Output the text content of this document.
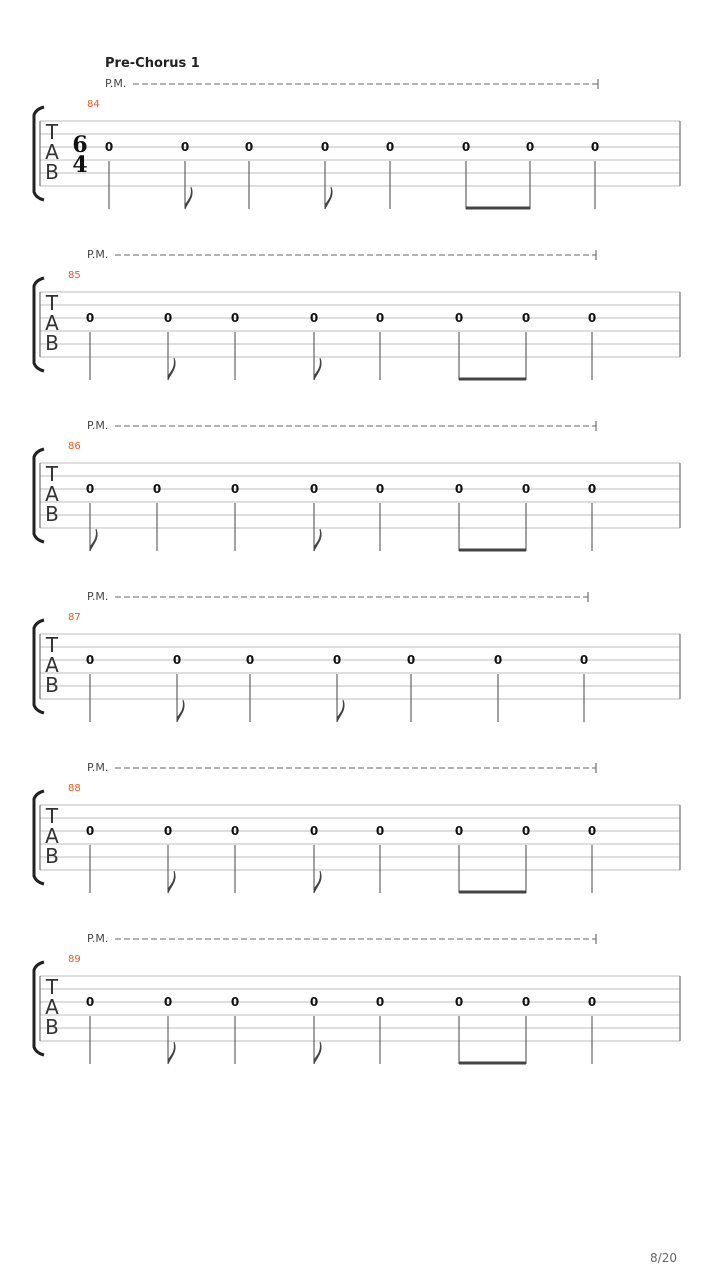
Pre-Chorus 1
P.M.
84
T
A
B
6
4
0	0	0	0	0	0	0	0
P.M.
85
T
A
B
0	0	0	0	0	0	0	0
P.M.
86
T
A
B
0	0	0	0	0	0	0	0
P.M.
87
T
A
B
0	0	0	0	0	0	0
P.M.
88
T
A
B
0	0	0	0	0	0	0	0
P.M.
89
T
A
B
0	0	0	0	0	0	0	0
8/20
